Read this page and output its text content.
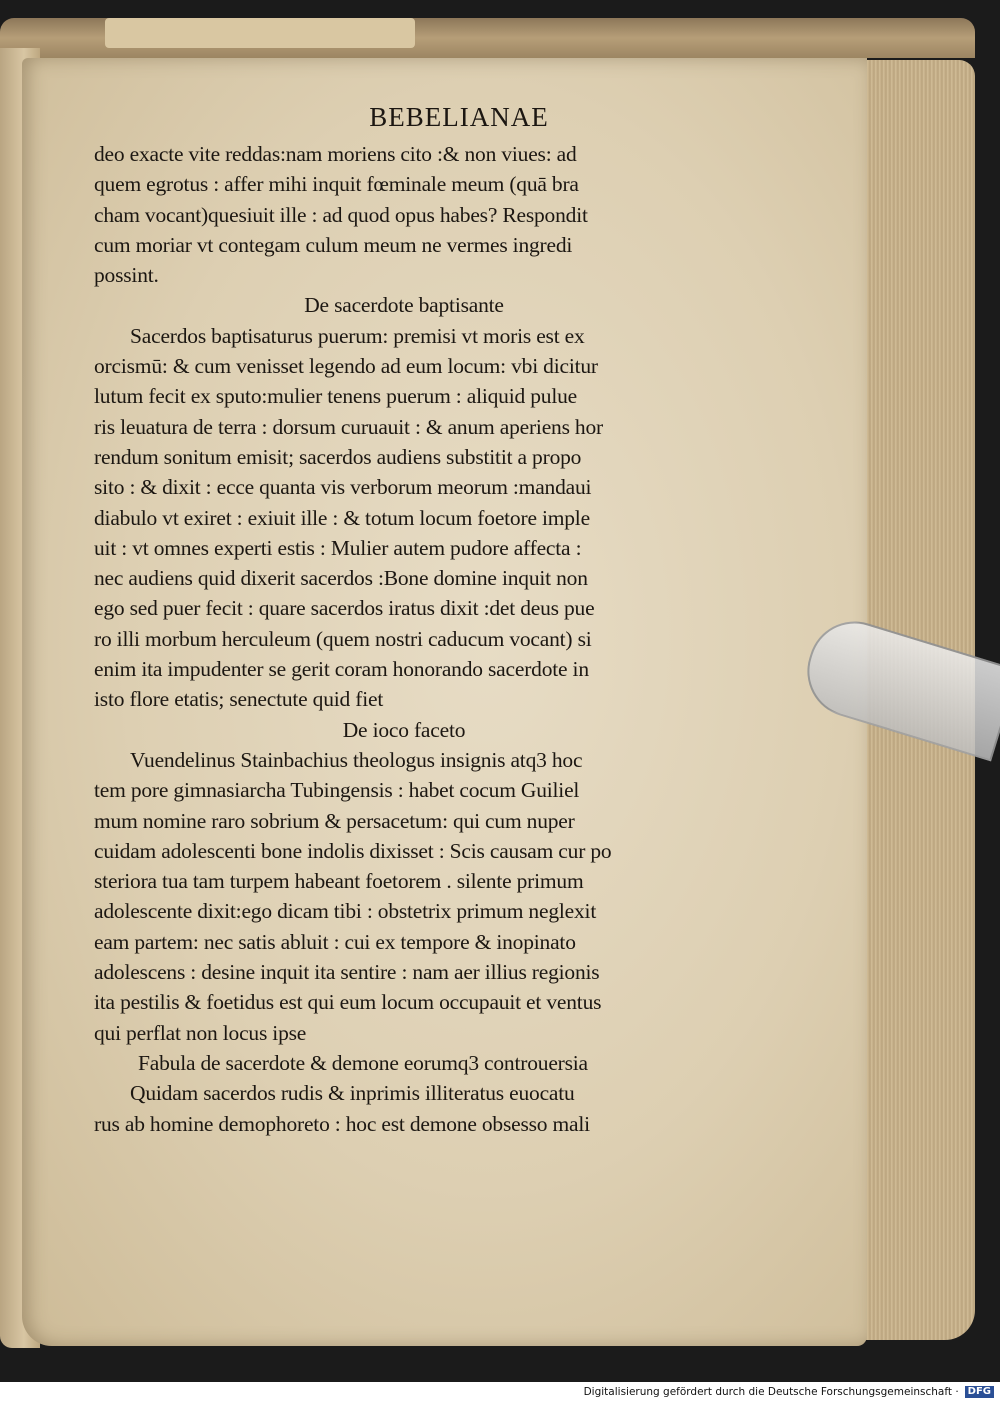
BEBELIANAE
deo exacte vite reddas:nam moriens cito :& non viues: ad
quem egrotus : affer mihi inquit fœminale meum (quā bra
cham vocant)quesiuit ille : ad quod opus habes? Respondit
cum moriar vt contegam culum meum ne vermes ingredi
possint.
De sacerdote baptisante
Sacerdos baptisaturus puerum: premisi vt moris est ex
orcismū: & cum venisset legendo ad eum locum: vbi dicitur
lutum fecit ex sputo:mulier tenens puerum : aliquid pulue
ris leuatura de terra : dorsum curuauit : & anum aperiens hor
rendum sonitum emisit; sacerdos audiens substitit a propo
sito : & dixit : ecce quanta vis verborum meorum :mandaui
diabulo vt exiret : exiuit ille : & totum locum foetore imple
uit : vt omnes experti estis : Mulier autem pudore affecta :
nec audiens quid dixerit sacerdos :Bone domine inquit non
ego sed puer fecit : quare sacerdos iratus dixit :det deus pue
ro illi morbum herculeum (quem nostri caducum vocant) si
enim ita impudenter se gerit coram honorando sacerdote in
isto flore etatis; senectute quid fiet
De ioco faceto
Vuendelinus Stainbachius theologus insignis atq3 hoc
tem pore gimnasiarcha Tubingensis : habet cocum Guiliel
mum nomine raro sobrium & persacetum: qui cum nuper
cuidam adolescenti bone indolis dixisset : Scis causam cur po
steriora tua tam turpem habeant foetorem . silente primum
adolescente dixit:ego dicam tibi : obstetrix primum neglexit
eam partem: nec satis abluit : cui ex tempore & inopinato
adolescens : desine inquit ita sentire : nam aer illius regionis
ita pestilis & foetidus est qui eum locum occupauit et ventus
qui perflat non locus ipse
Fabula de sacerdote & demone eorumq3 controuersia
Quidam sacerdos rudis & inprimis illiteratus euocatu
rus ab homine demophoreto : hoc est demone obsesso mali
Digitalisierung gefördert durch die Deutsche Forschungsgemeinschaft · DFG
